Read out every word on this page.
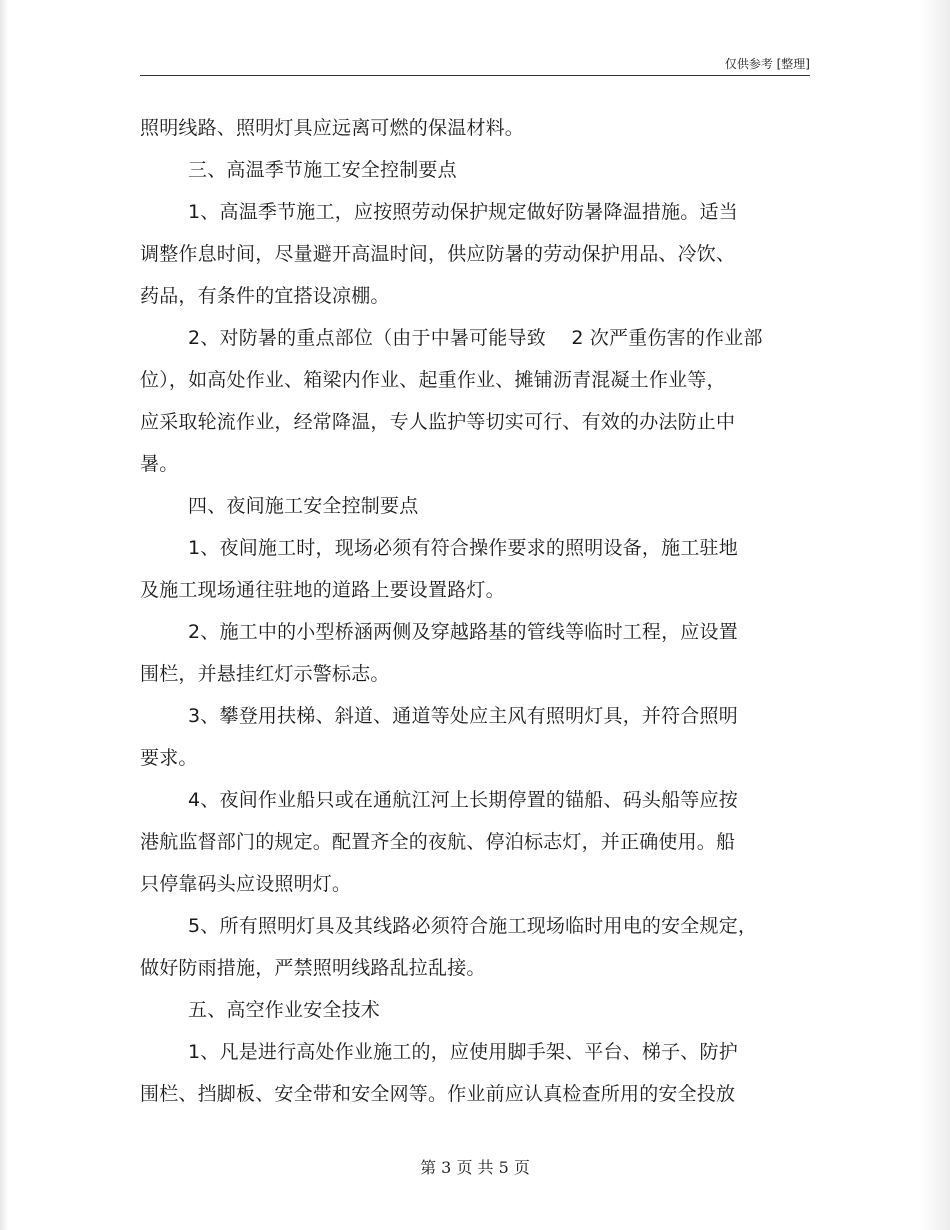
仅供参考 [整理]
照明线路、照明灯具应远离可燃的保温材料。
三、高温季节施工安全控制要点
1、高温季节施工，应按照劳动保护规定做好防暑降温措施。适当
调整作息时间，尽量避开高温时间，供应防暑的劳动保护用品、冷饮、
药品，有条件的宜搭设凉棚。
2、对防暑的重点部位（由于中暑可能导致　 2 次严重伤害的作业部
位），如高处作业、箱梁内作业、起重作业、摊铺沥青混凝土作业等，
应采取轮流作业，经常降温，专人监护等切实可行、有效的办法防止中
暑。
四、夜间施工安全控制要点
1、夜间施工时，现场必须有符合操作要求的照明设备，施工驻地
及施工现场通往驻地的道路上要设置路灯。
2、施工中的小型桥涵两侧及穿越路基的管线等临时工程，应设置
围栏，并悬挂红灯示警标志。
3、攀登用扶梯、斜道、通道等处应主风有照明灯具，并符合照明
要求。
4、夜间作业船只或在通航江河上长期停置的锚船、码头船等应按
港航监督部门的规定。配置齐全的夜航、停泊标志灯，并正确使用。船
只停靠码头应设照明灯。
5、所有照明灯具及其线路必须符合施工现场临时用电的安全规定，
做好防雨措施，严禁照明线路乱拉乱接。
五、高空作业安全技术
1、凡是进行高处作业施工的，应使用脚手架、平台、梯子、防护
围栏、挡脚板、安全带和安全网等。作业前应认真检查所用的安全投放
第 3 页 共 5 页
